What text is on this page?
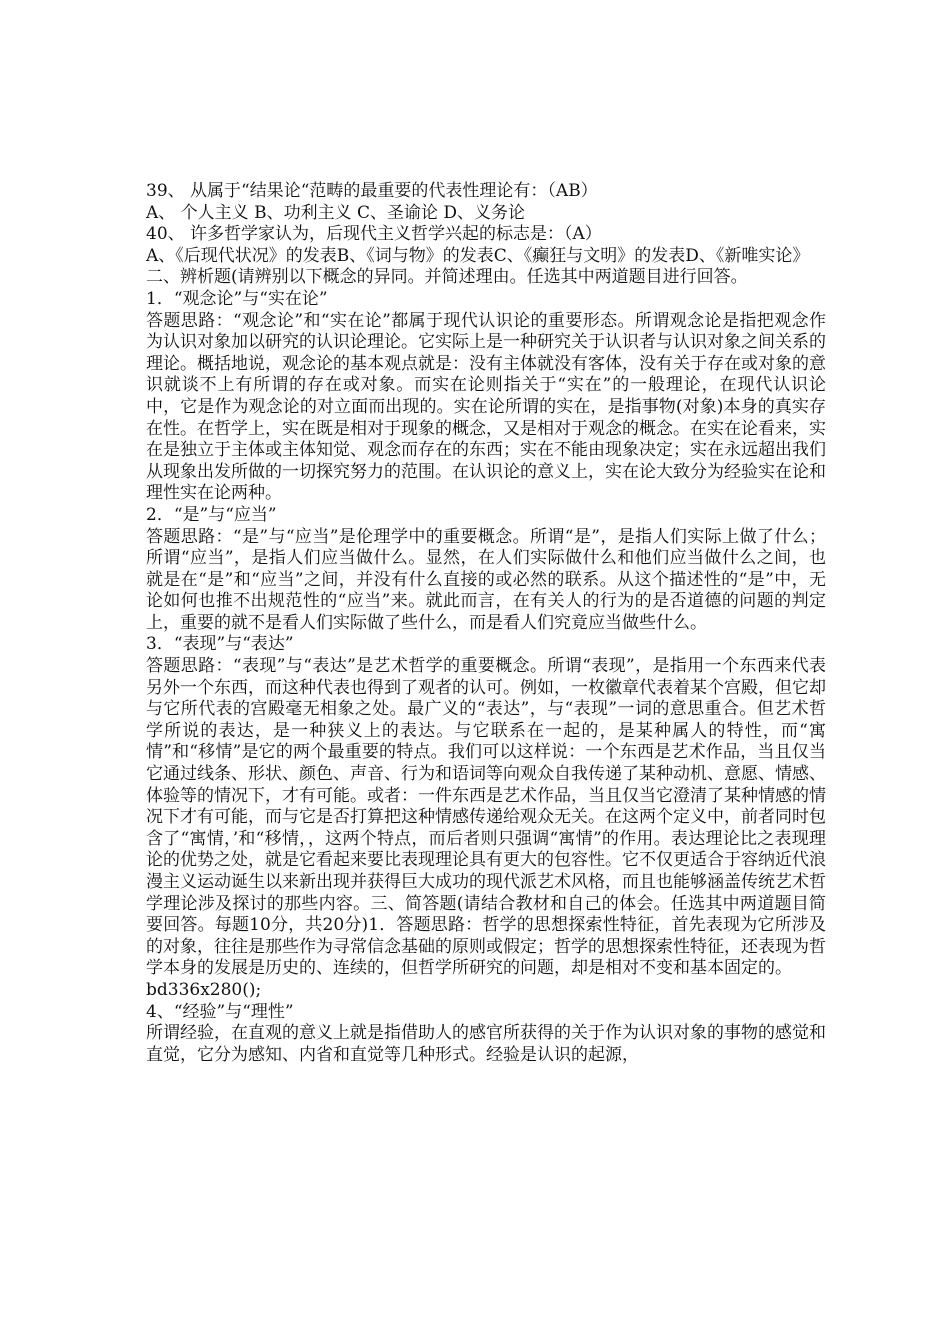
39、 从属于“结果论“范畴的最重要的代表性理论有：（AB）
A、 个人主义 B、功利主义 C、圣谕论 D、义务论
40、 许多哲学家认为，后现代主义哲学兴起的标志是：（A）
A、《后现代状况》的发表B、《词与物》的发表C、《癫狂与文明》的发表D、《新唯实论》
二、辨析题(请辨别以下概念的异同。并简述理由。任选其中两道题目进行回答。
1．“观念论”与“实在论”
答题思路：“观念论”和“实在论”都属于现代认识论的重要形态。所谓观念论是指把观念作为认识对象加以研究的认识论理论。它实际上是一种研究关于认识者与认识对象之间关系的理论。概括地说，观念论的基本观点就是：没有主体就没有客体，没有关于存在或对象的意识就谈不上有所谓的存在或对象。而实在论则指关于“实在”的一般理论，在现代认识论中，它是作为观念论的对立面而出现的。实在论所谓的实在，是指事物(对象)本身的真实存在性。在哲学上，实在既是相对于现象的概念，又是相对于观念的概念。在实在论看来，实在是独立于主体或主体知觉、观念而存在的东西；实在不能由现象决定；实在永远超出我们从现象出发所做的一切探究努力的范围。在认识论的意义上，实在论大致分为经验实在论和理性实在论两种。
2．“是”与“应当”
答题思路：“是”与“应当”是伦理学中的重要概念。所谓“是”，是指人们实际上做了什么；所谓“应当”，是指人们应当做什么。显然，在人们实际做什么和他们应当做什么之间，也就是在“是”和“应当”之间，并没有什么直接的或必然的联系。从这个描述性的“是”中，无论如何也推不出规范性的“应当”来。就此而言，在有关人的行为的是否道德的问题的判定上，重要的就不是看人们实际做了些什么，而是看人们究竟应当做些什么。
3．“表现”与“表达”
答题思路：“表现”与“表达”是艺术哲学的重要概念。所谓“表现”，是指用一个东西来代表另外一个东西，而这种代表也得到了观者的认可。例如，一枚徽章代表着某个宫殿，但它却与它所代表的宫殿毫无相象之处。最广义的“表达”，与“表现”一词的意思重合。但艺术哲学所说的表达，是一种狭义上的表达。与它联系在一起的，是某种属人的特性，而“寓情”和“移情”是它的两个最重要的特点。我们可以这样说：一个东西是艺术作品，当且仅当它通过线条、形状、颜色、声音、行为和语词等向观众自我传递了某种动机、意愿、情感、体验等的情况下，才有可能。或者：一件东西是艺术作品，当且仅当它澄清了某种情感的情况下才有可能，而与它是否打算把这种情感传递给观众无关。在这两个定义中，前者同时包含了“寓情，’和“移情，，这两个特点，而后者则只强调“寓情”的作用。表达理论比之表现理论的优势之处，就是它看起来要比表现理论具有更大的包容性。它不仅更适合于容纳近代浪漫主义运动诞生以来新出现并获得巨大成功的现代派艺术风格，而且也能够涵盖传统艺术哲学理论涉及探讨的那些内容。三、简答题(请结合教材和自己的体会。任选其中两道题目简要回答。每题10分，共20分)1．答题思路：哲学的思想探索性特征，首先表现为它所涉及的对象，往往是那些作为寻常信念基础的原则或假定；哲学的思想探索性特征，还表现为哲学本身的发展是历史的、连续的，但哲学所研究的问题，却是相对不变和基本固定的。
bd336x280();
4、“经验”与“理性”
所谓经验，在直观的意义上就是指借助人的感官所获得的关于作为认识对象的事物的感觉和直觉，它分为感知、内省和直觉等几种形式。经验是认识的起源，
